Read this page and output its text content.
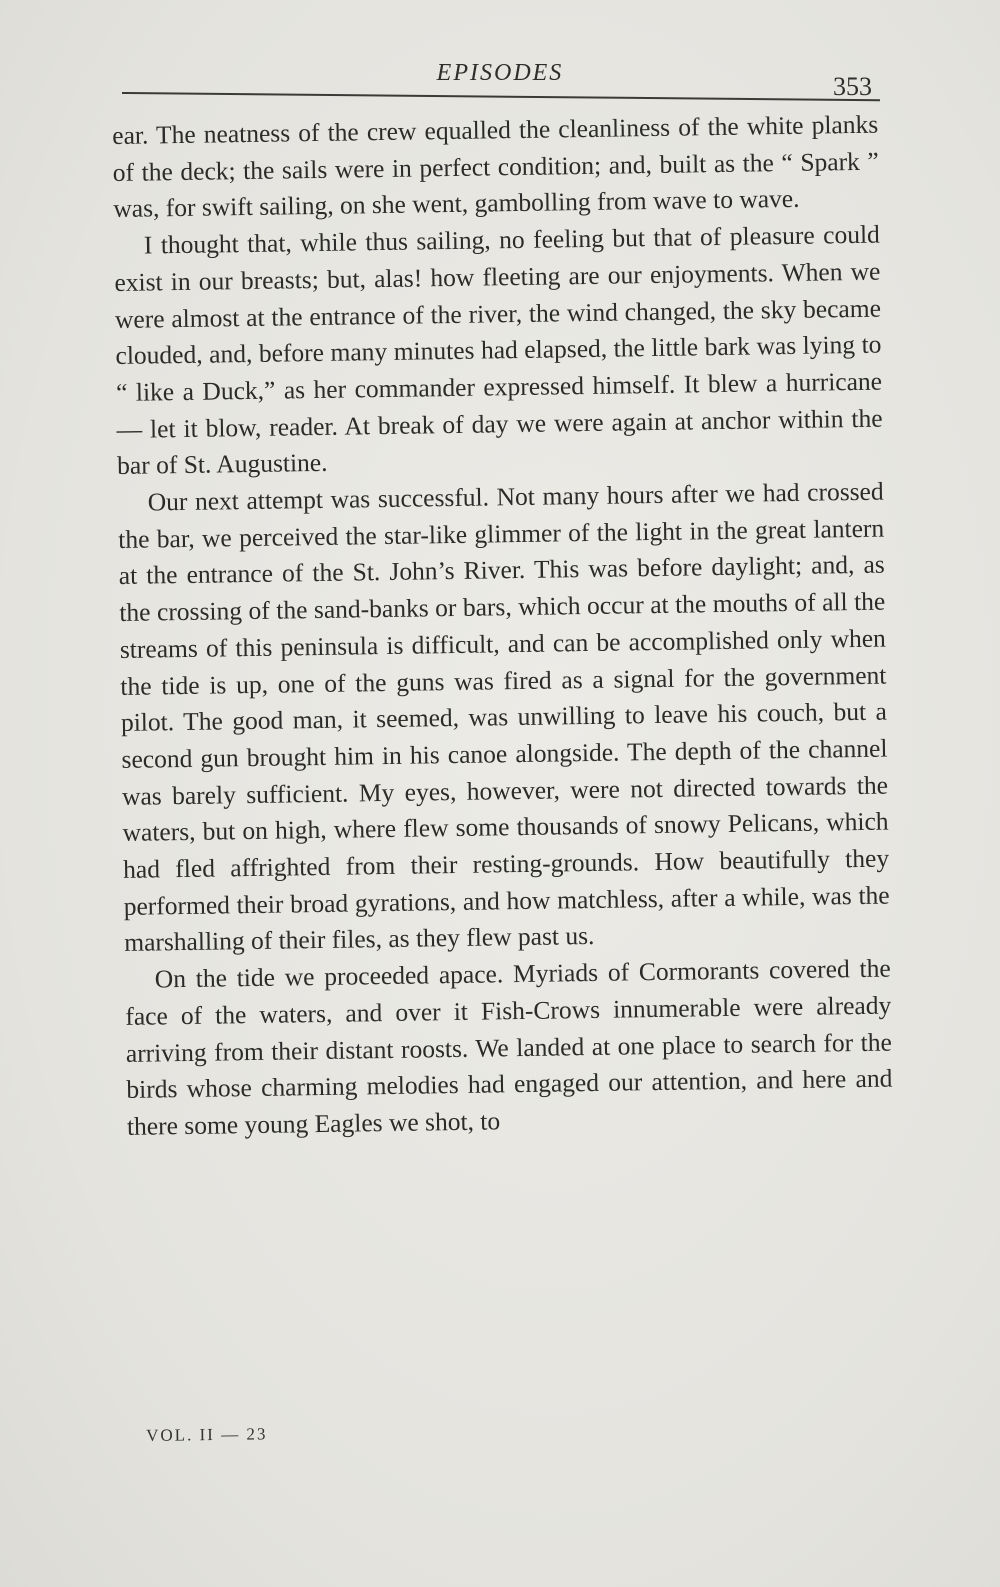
EPISODES	353

ear. The neatness of the crew equalled the cleanliness of the white planks of the deck; the sails were in perfect condition; and, built as the “ Spark ” was, for swift sailing, on she went, gambolling from wave to wave.

I thought that, while thus sailing, no feeling but that of pleasure could exist in our breasts; but, alas! how fleeting are our enjoyments. When we were almost at the entrance of the river, the wind changed, the sky became clouded, and, before many minutes had elapsed, the little bark was lying to “ like a Duck,” as her commander expressed himself. It blew a hurricane — let it blow, reader. At break of day we were again at anchor within the bar of St. Augustine.

Our next attempt was successful. Not many hours after we had crossed the bar, we perceived the star-like glimmer of the light in the great lantern at the entrance of the St. John’s River. This was before daylight; and, as the crossing of the sand-banks or bars, which occur at the mouths of all the streams of this peninsula is difficult, and can be accomplished only when the tide is up, one of the guns was fired as a signal for the government pilot. The good man, it seemed, was unwilling to leave his couch, but a second gun brought him in his canoe alongside. The depth of the channel was barely sufficient. My eyes, however, were not directed towards the waters, but on high, where flew some thousands of snowy Pelicans, which had fled affrighted from their resting-grounds. How beautifully they performed their broad gyrations, and how matchless, after a while, was the marshalling of their files, as they flew past us.

On the tide we proceeded apace. Myriads of Cormorants covered the face of the waters, and over it Fish-Crows innumerable were already arriving from their distant roosts. We landed at one place to search for the birds whose charming melodies had engaged our attention, and here and there some young Eagles we shot, to

VOL. II — 23
